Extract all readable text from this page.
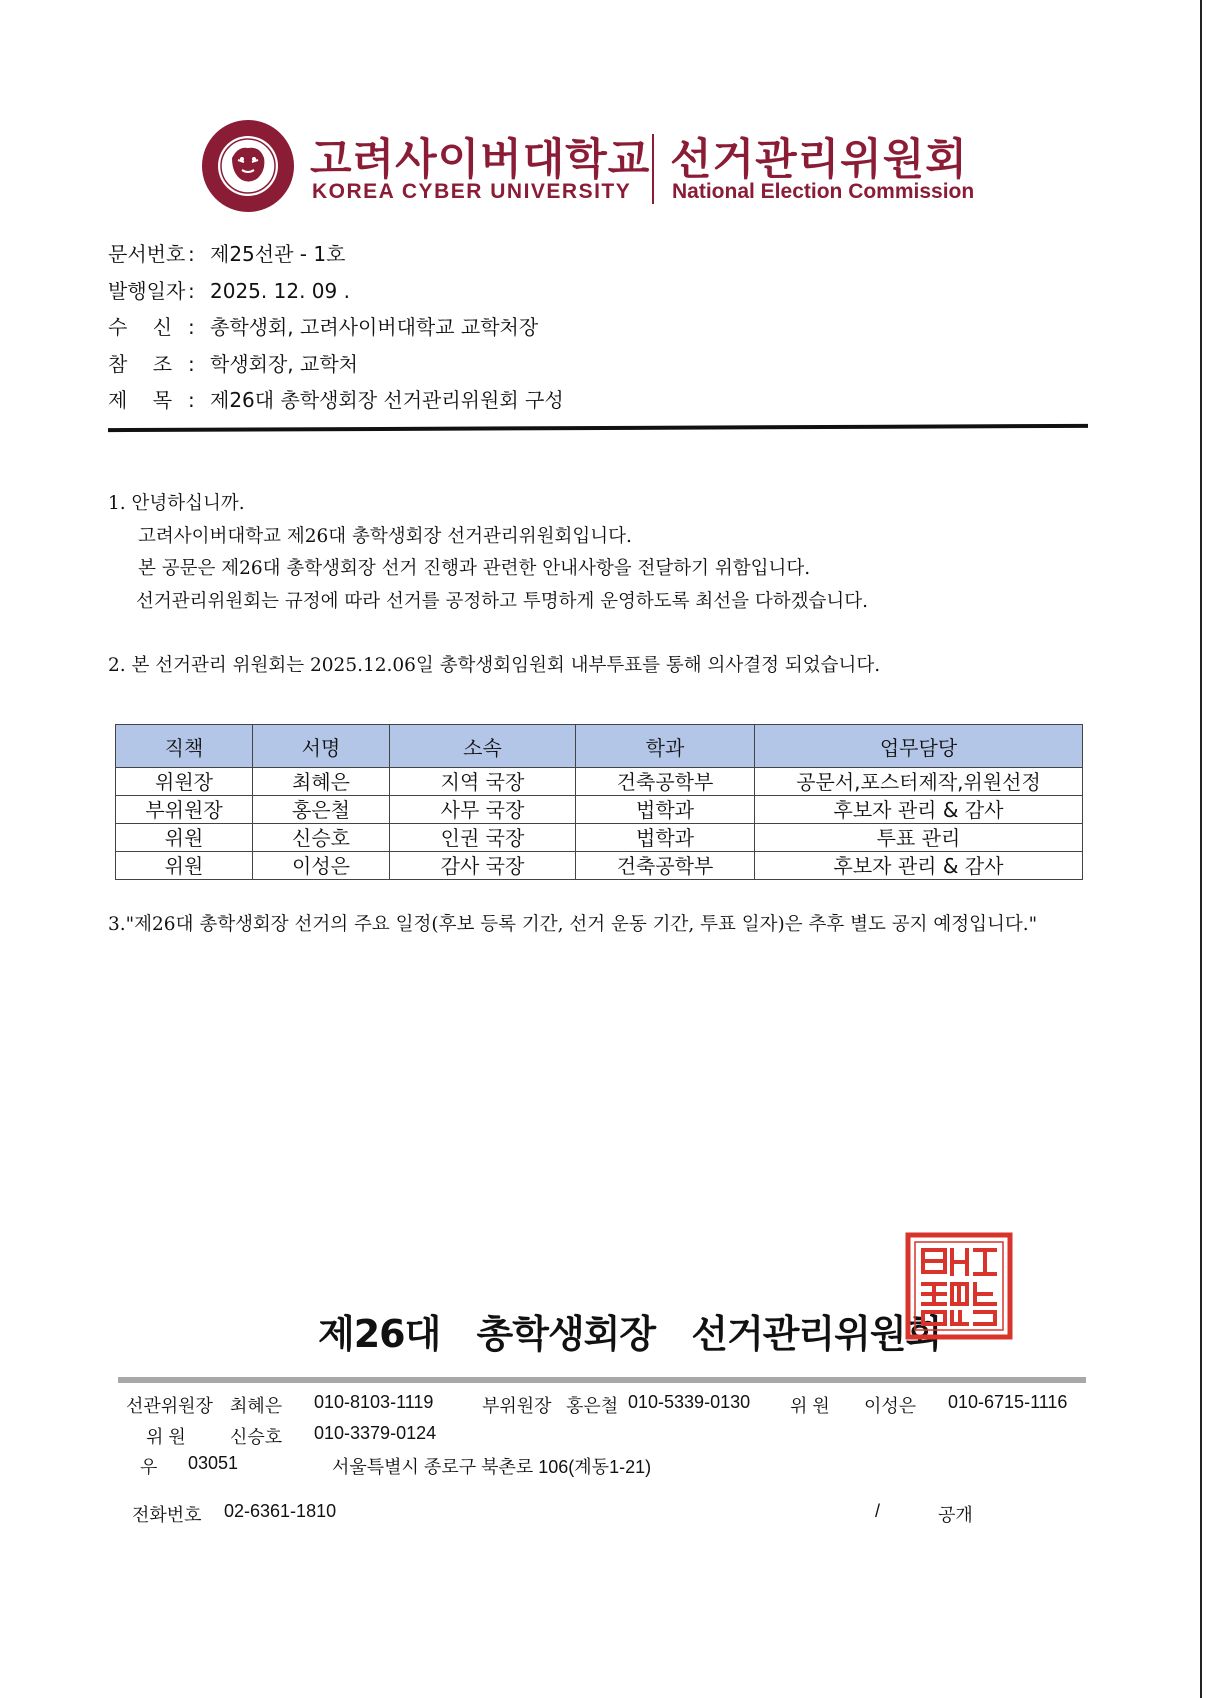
고려사이버대학교
KOREA CYBER UNIVERSITY
선거관리위원회
National Election Commission
문서번호 : 제25선관 - 1호
발행일자 : 2025. 12. 09 .
수    신 : 총학생회, 고려사이버대학교 교학처장
참    조 : 학생회장, 교학처
제    목 : 제26대 총학생회장 선거관리위원회 구성
1. 안녕하십니까.
고려사이버대학교 제26대 총학생회장 선거관리위원회입니다.
본 공문은 제26대 총학생회장 선거 진행과 관련한 안내사항을 전달하기 위함입니다.
선거관리위원회는 규정에 따라 선거를 공정하고 투명하게 운영하도록 최선을 다하겠습니다.
2. 본 선거관리 위원회는 2025.12.06일 총학생회임원회 내부투표를 통해 의사결정 되었습니다.
직책	서명	소속	학과	업무담당
위원장	최혜은	지역 국장	건축공학부	공문서,포스터제작,위원선정
부위원장	홍은철	사무 국장	법학과	후보자 관리 & 감사
위원	신승호	인권 국장	법학과	투표 관리
위원	이성은	감사 국장	건축공학부	후보자 관리 & 감사
3."제26대 총학생회장 선거의 주요 일정(후보 등록 기간, 선거 운동 기간, 투표 일자)은 추후 별도 공지 예정입니다."
제26대 총학생회장 선거관리위원회
선관위원장 최혜은 010-8103-1119	부위원장 홍은철 010-5339-0130 위 원 이성은 010-6715-1116
위 원 신승호 010-3379-0124
우 03051	서울특별시 종로구 북촌로 106(계동1-21)
전화번호 02-6361-1810	/	공개
